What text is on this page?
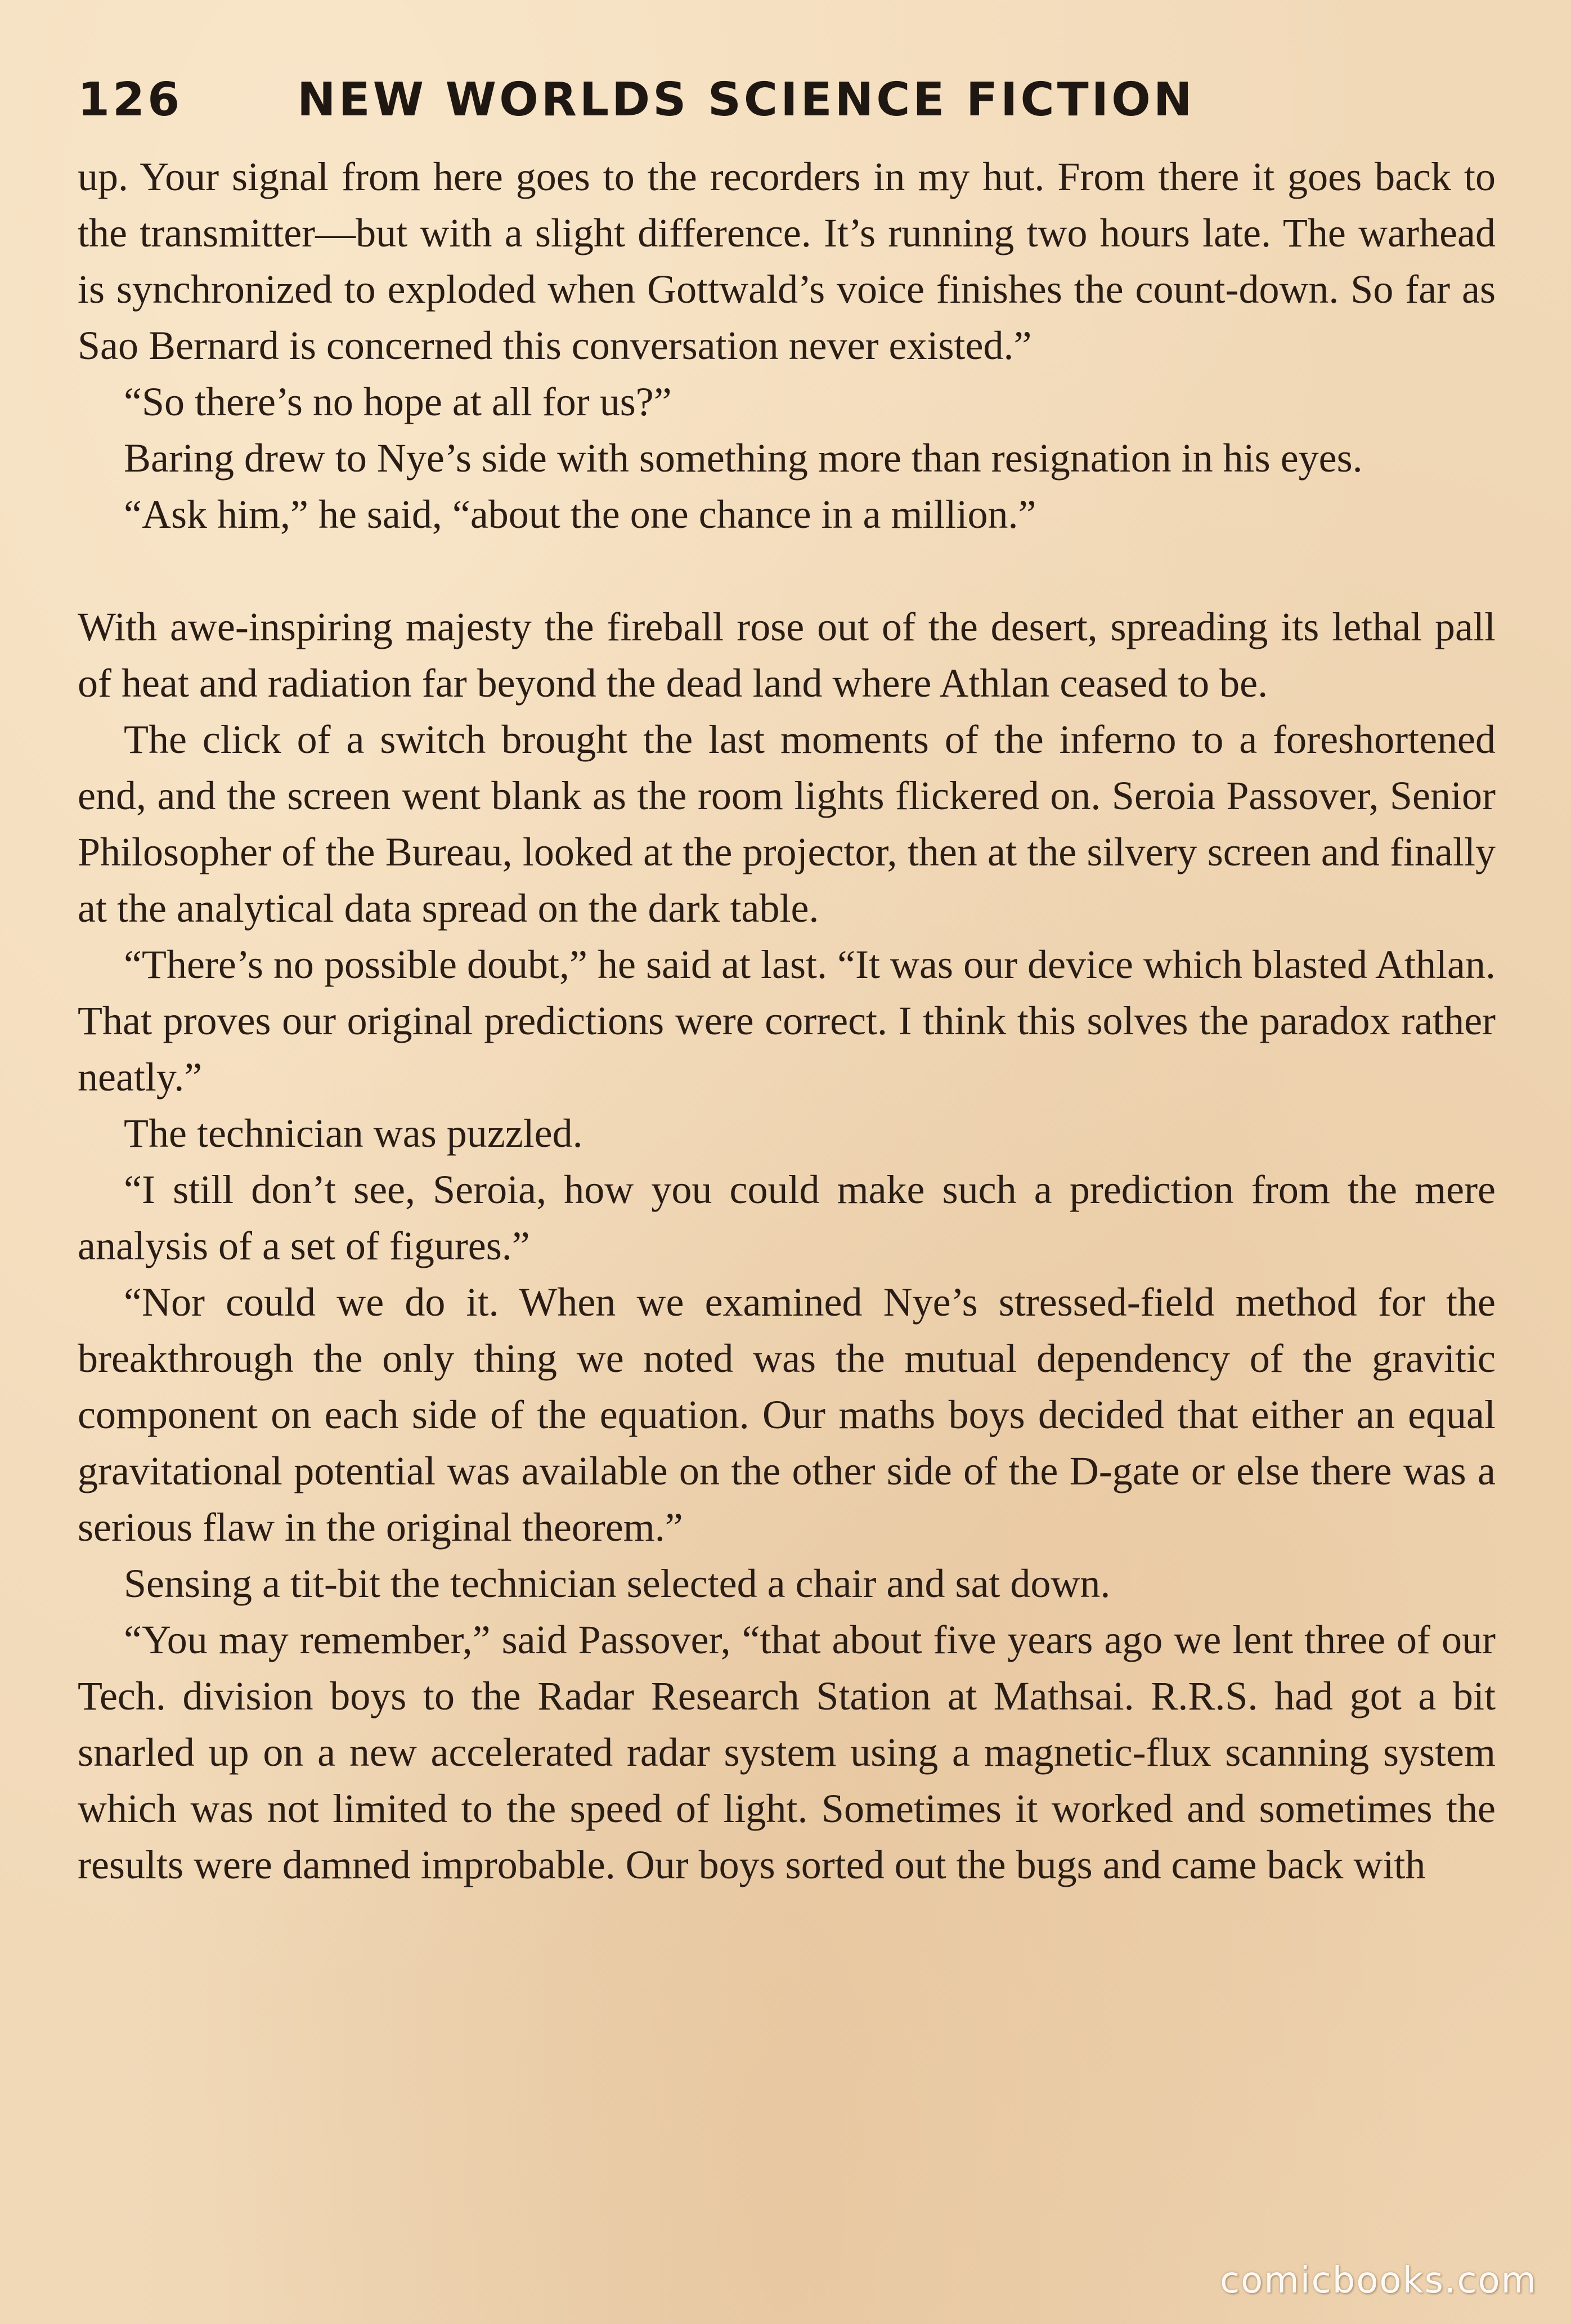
126	NEW WORLDS SCIENCE FICTION

up. Your signal from here goes to the recorders in my hut. From there it goes back to the transmitter—but with a slight difference. It’s running two hours late. The warhead is synchronized to exploded when Gottwald’s voice finishes the count-down. So far as Sao Bernard is concerned this conversation never existed.”

“So there’s no hope at all for us?”

Baring drew to Nye’s side with something more than resignation in his eyes.

“Ask him,” he said, “about the one chance in a million.”

With awe-inspiring majesty the fireball rose out of the desert, spreading its lethal pall of heat and radiation far beyond the dead land where Athlan ceased to be.

The click of a switch brought the last moments of the inferno to a foreshortened end, and the screen went blank as the room lights flickered on. Seroia Passover, Senior Philosopher of the Bureau, looked at the projector, then at the silvery screen and finally at the analytical data spread on the dark table.

“There’s no possible doubt,” he said at last. “It was our device which blasted Athlan. That proves our original predictions were correct. I think this solves the paradox rather neatly.”

The technician was puzzled.

“I still don’t see, Seroia, how you could make such a prediction from the mere analysis of a set of figures.”

“Nor could we do it. When we examined Nye’s stressed-field method for the breakthrough the only thing we noted was the mutual dependency of the gravitic component on each side of the equation. Our maths boys decided that either an equal gravitational potential was available on the other side of the D-gate or else there was a serious flaw in the original theorem.”

Sensing a tit-bit the technician selected a chair and sat down.

“You may remember,” said Passover, “that about five years ago we lent three of our Tech. division boys to the Radar Research Station at Mathsai. R.R.S. had got a bit snarled up on a new accelerated radar system using a magnetic-flux scanning system which was not limited to the speed of light. Sometimes it worked and sometimes the results were damned improbable. Our boys sorted out the bugs and came back with

comicbooks.com
